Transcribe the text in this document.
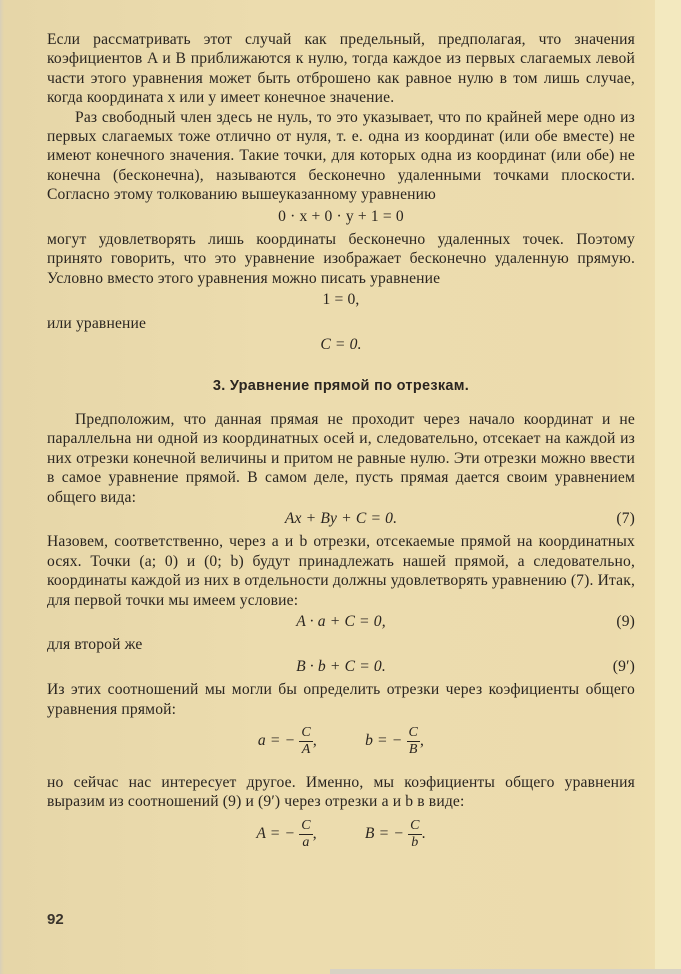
Если рассматривать этот случай как предельный, предполагая, что значения коэфициентов A и B приближаются к нулю, тогда каждое из первых слагаемых левой части этого уравнения может быть отброшено как равное нулю в том лишь случае, когда координата x или y имеет конечное значение.

Раз свободный член здесь не нуль, то это указывает, что по крайней мере одно из первых слагаемых тоже отлично от нуля, т. е. одна из координат (или обе вместе) не имеют конечного значения. Такие точки, для которых одна из координат (или обе) не конечна (бесконечна), называются бесконечно удаленными точками плоскости. Согласно этому толкованию вышеуказанному уравнению

0 · x + 0 · y + 1 = 0

могут удовлетворять лишь координаты бесконечно удаленных точек. Поэтому принято говорить, что это уравнение изображает бесконечно удаленную прямую. Условно вместо этого уравнения можно писать уравнение

1 = 0,

или уравнение

C = 0.
3. Уравнение прямой по отрезкам.

Предположим, что данная прямая не проходит через начало координат и не параллельна ни одной из координатных осей и, следовательно, отсекает на каждой из них отрезки конечной величины и притом не равные нулю. Эти отрезки можно ввести в самое уравнение прямой. В самом деле, пусть прямая дается своим уравнением общего вида:

Ax + By + C = 0.	(7)

Назовем, соответственно, через a и b отрезки, отсекаемые прямой на координатных осях. Точки (a; 0) и (0; b) будут принадлежать нашей прямой, а следовательно, координаты каждой из них в отдельности должны удовлетворять уравнению (7). Итак, для первой точки мы имеем условие:

A · a + C = 0,	(9)

для второй же

B · b + C = 0.	(9′)

Из этих соотношений мы могли бы определить отрезки через коэфициенты общего уравнения прямой:

a = − $\frac{C}{A}$ ,	b = − $\frac{C}{B}$ ,

но сейчас нас интересует другое. Именно, мы коэфициенты общего уравнения выразим из соотношений (9) и (9′) через отрезки a и b в виде:

A = − $\frac{C}{a}$ ,	B = − $\frac{C}{b}$ .
92
